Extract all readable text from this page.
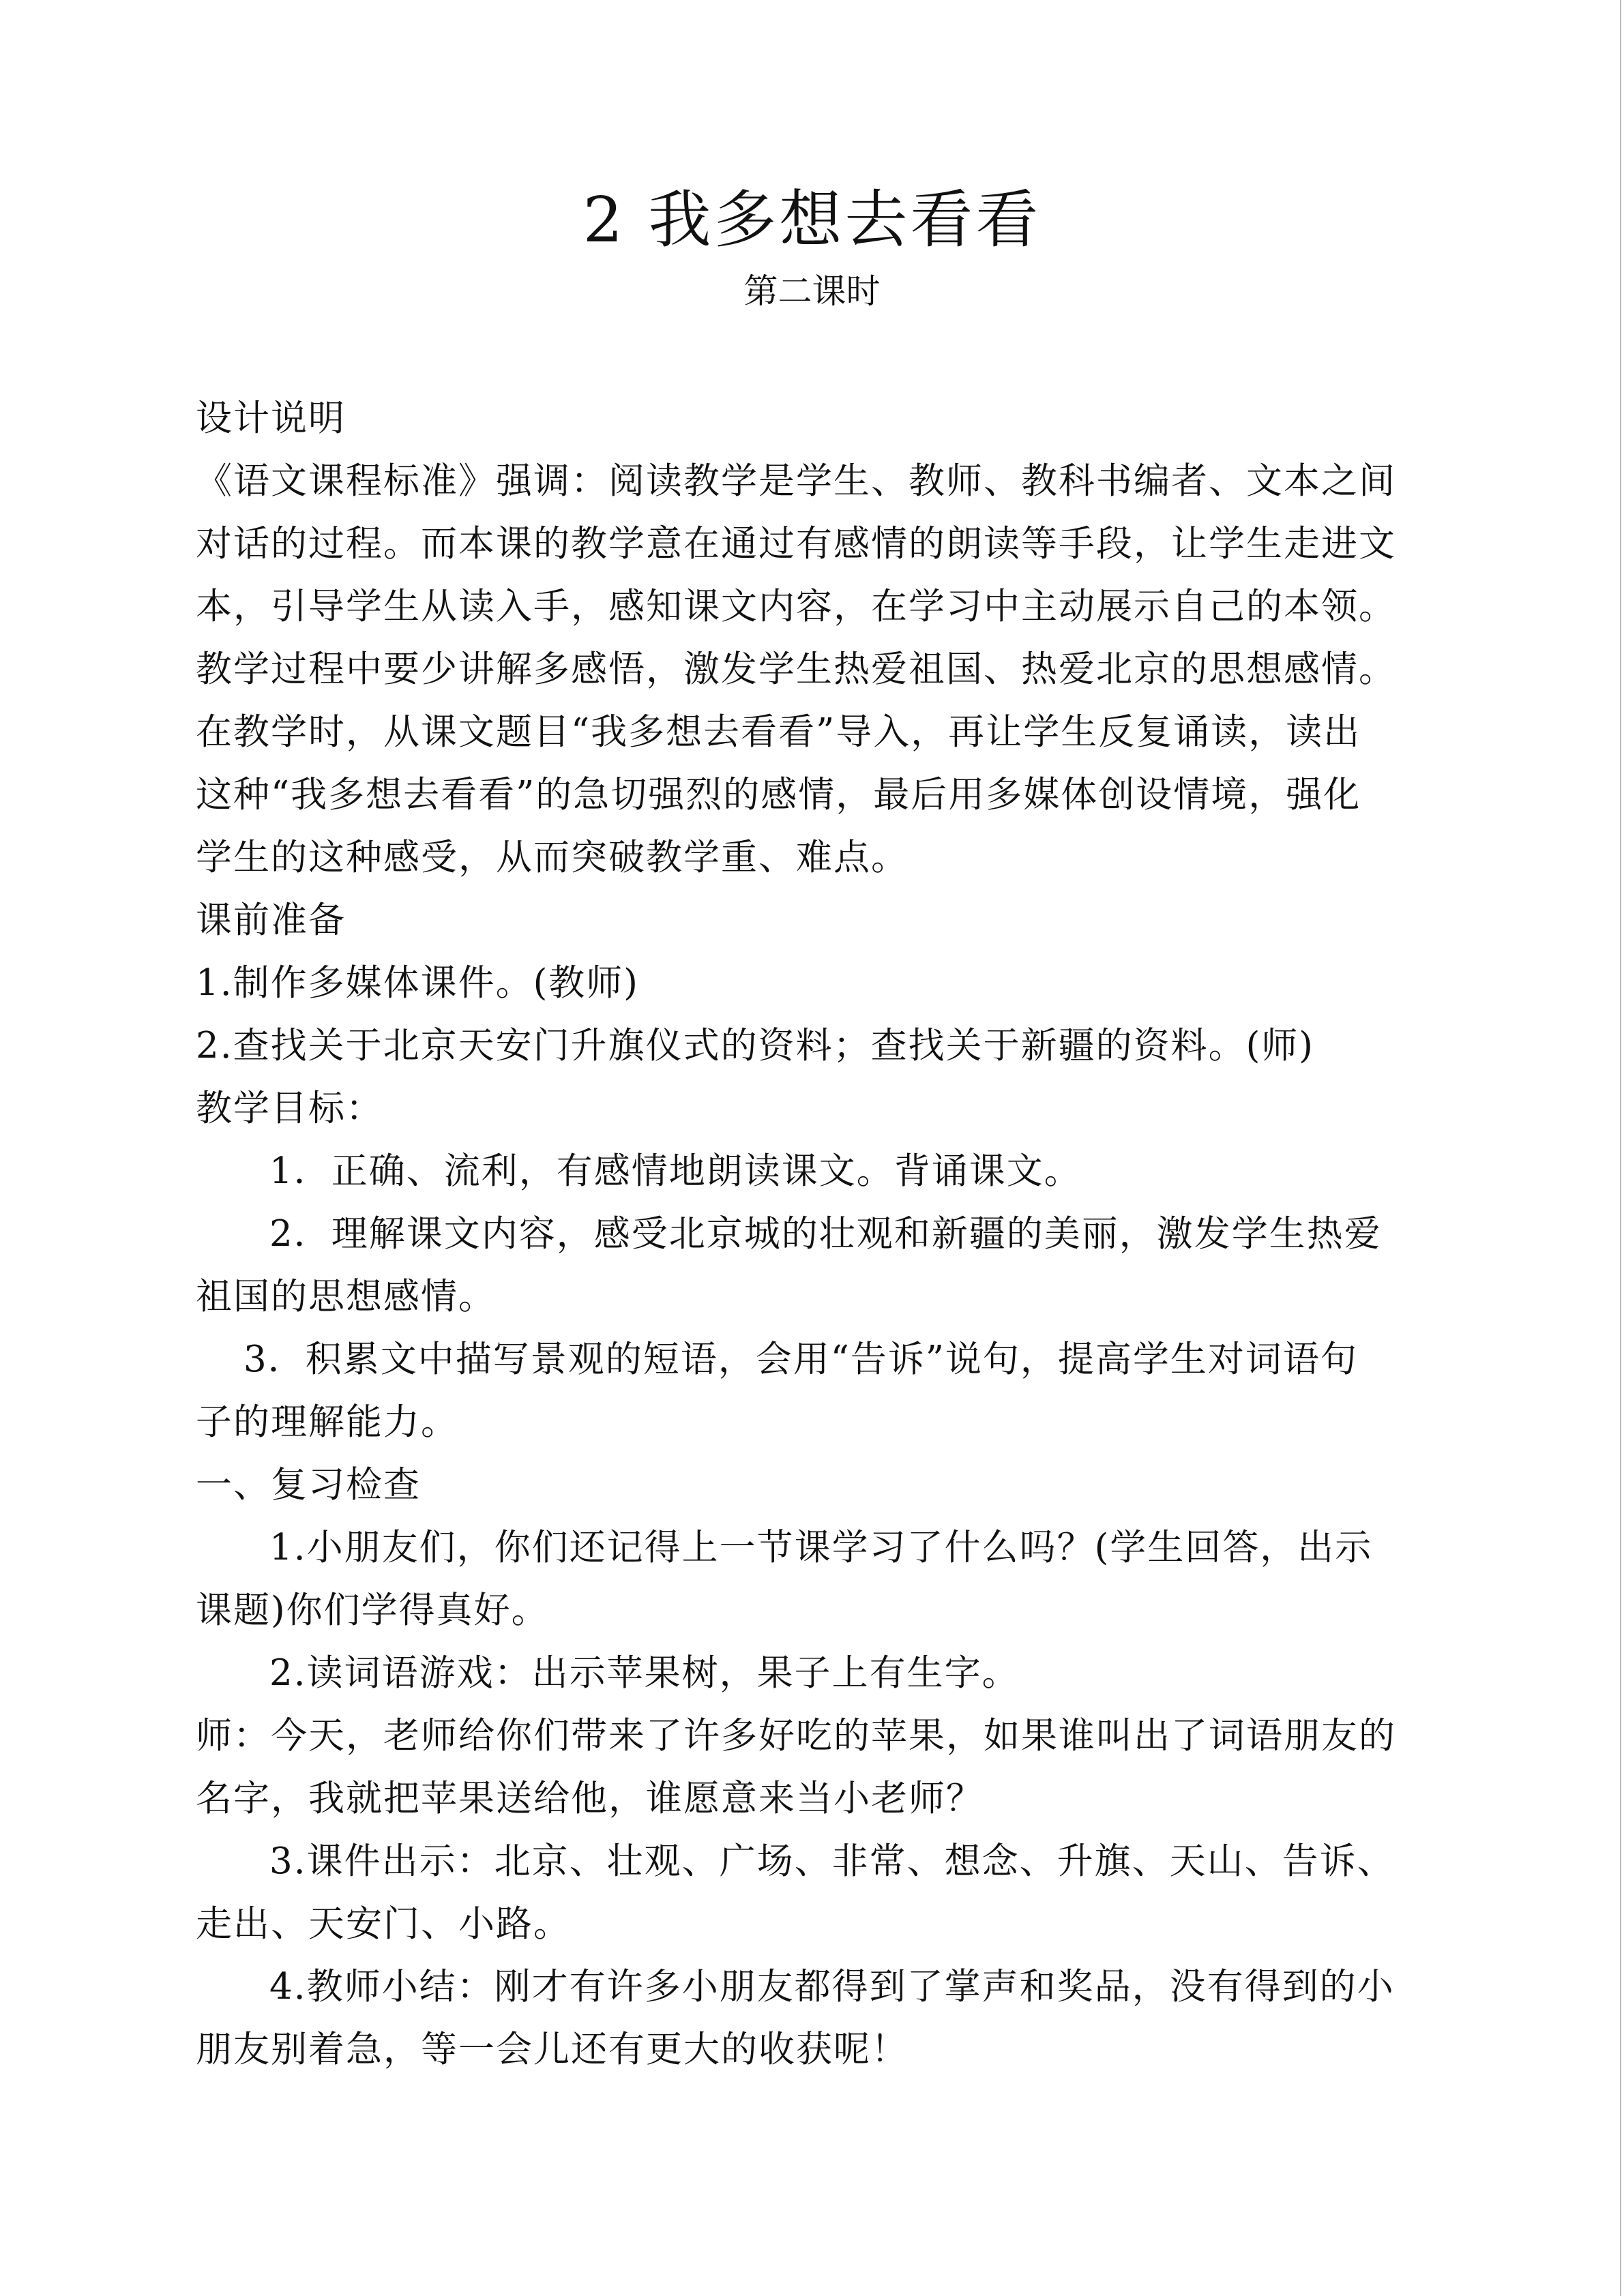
2 我多想去看看
第二课时

设计说明

《语文课程标准》强调：阅读教学是学生、教师、教科书编者、文本之间

对话的过程。而本课的教学意在通过有感情的朗读等手段，让学生走进文

本，引导学生从读入手，感知课文内容，在学习中主动展示自己的本领。

教学过程中要少讲解多感悟，激发学生热爱祖国、热爱北京的思想感情。

在教学时，从课文题目“我多想去看看”导入，再让学生反复诵读，读出

这种“我多想去看看”的急切强烈的感情，最后用多媒体创设情境，强化

学生的这种感受，从而突破教学重、难点。

课前准备

1.制作多媒体课件。(教师)

2.查找关于北京天安门升旗仪式的资料；查找关于新疆的资料。(师)

教学目标：

1．正确、流利，有感情地朗读课文。背诵课文。

2．理解课文内容，感受北京城的壮观和新疆的美丽，激发学生热爱

祖国的思想感情。

3．积累文中描写景观的短语，会用“告诉”说句，提高学生对词语句

子的理解能力。

一、复习检查

1.小朋友们，你们还记得上一节课学习了什么吗？(学生回答，出示

课题)你们学得真好。

2.读词语游戏：出示苹果树，果子上有生字。

师：今天，老师给你们带来了许多好吃的苹果，如果谁叫出了词语朋友的

名字，我就把苹果送给他，谁愿意来当小老师？

3.课件出示：北京、壮观、广场、非常、想念、升旗、天山、告诉、

走出、天安门、小路。

4.教师小结：刚才有许多小朋友都得到了掌声和奖品，没有得到的小

朋友别着急，等一会儿还有更大的收获呢！
